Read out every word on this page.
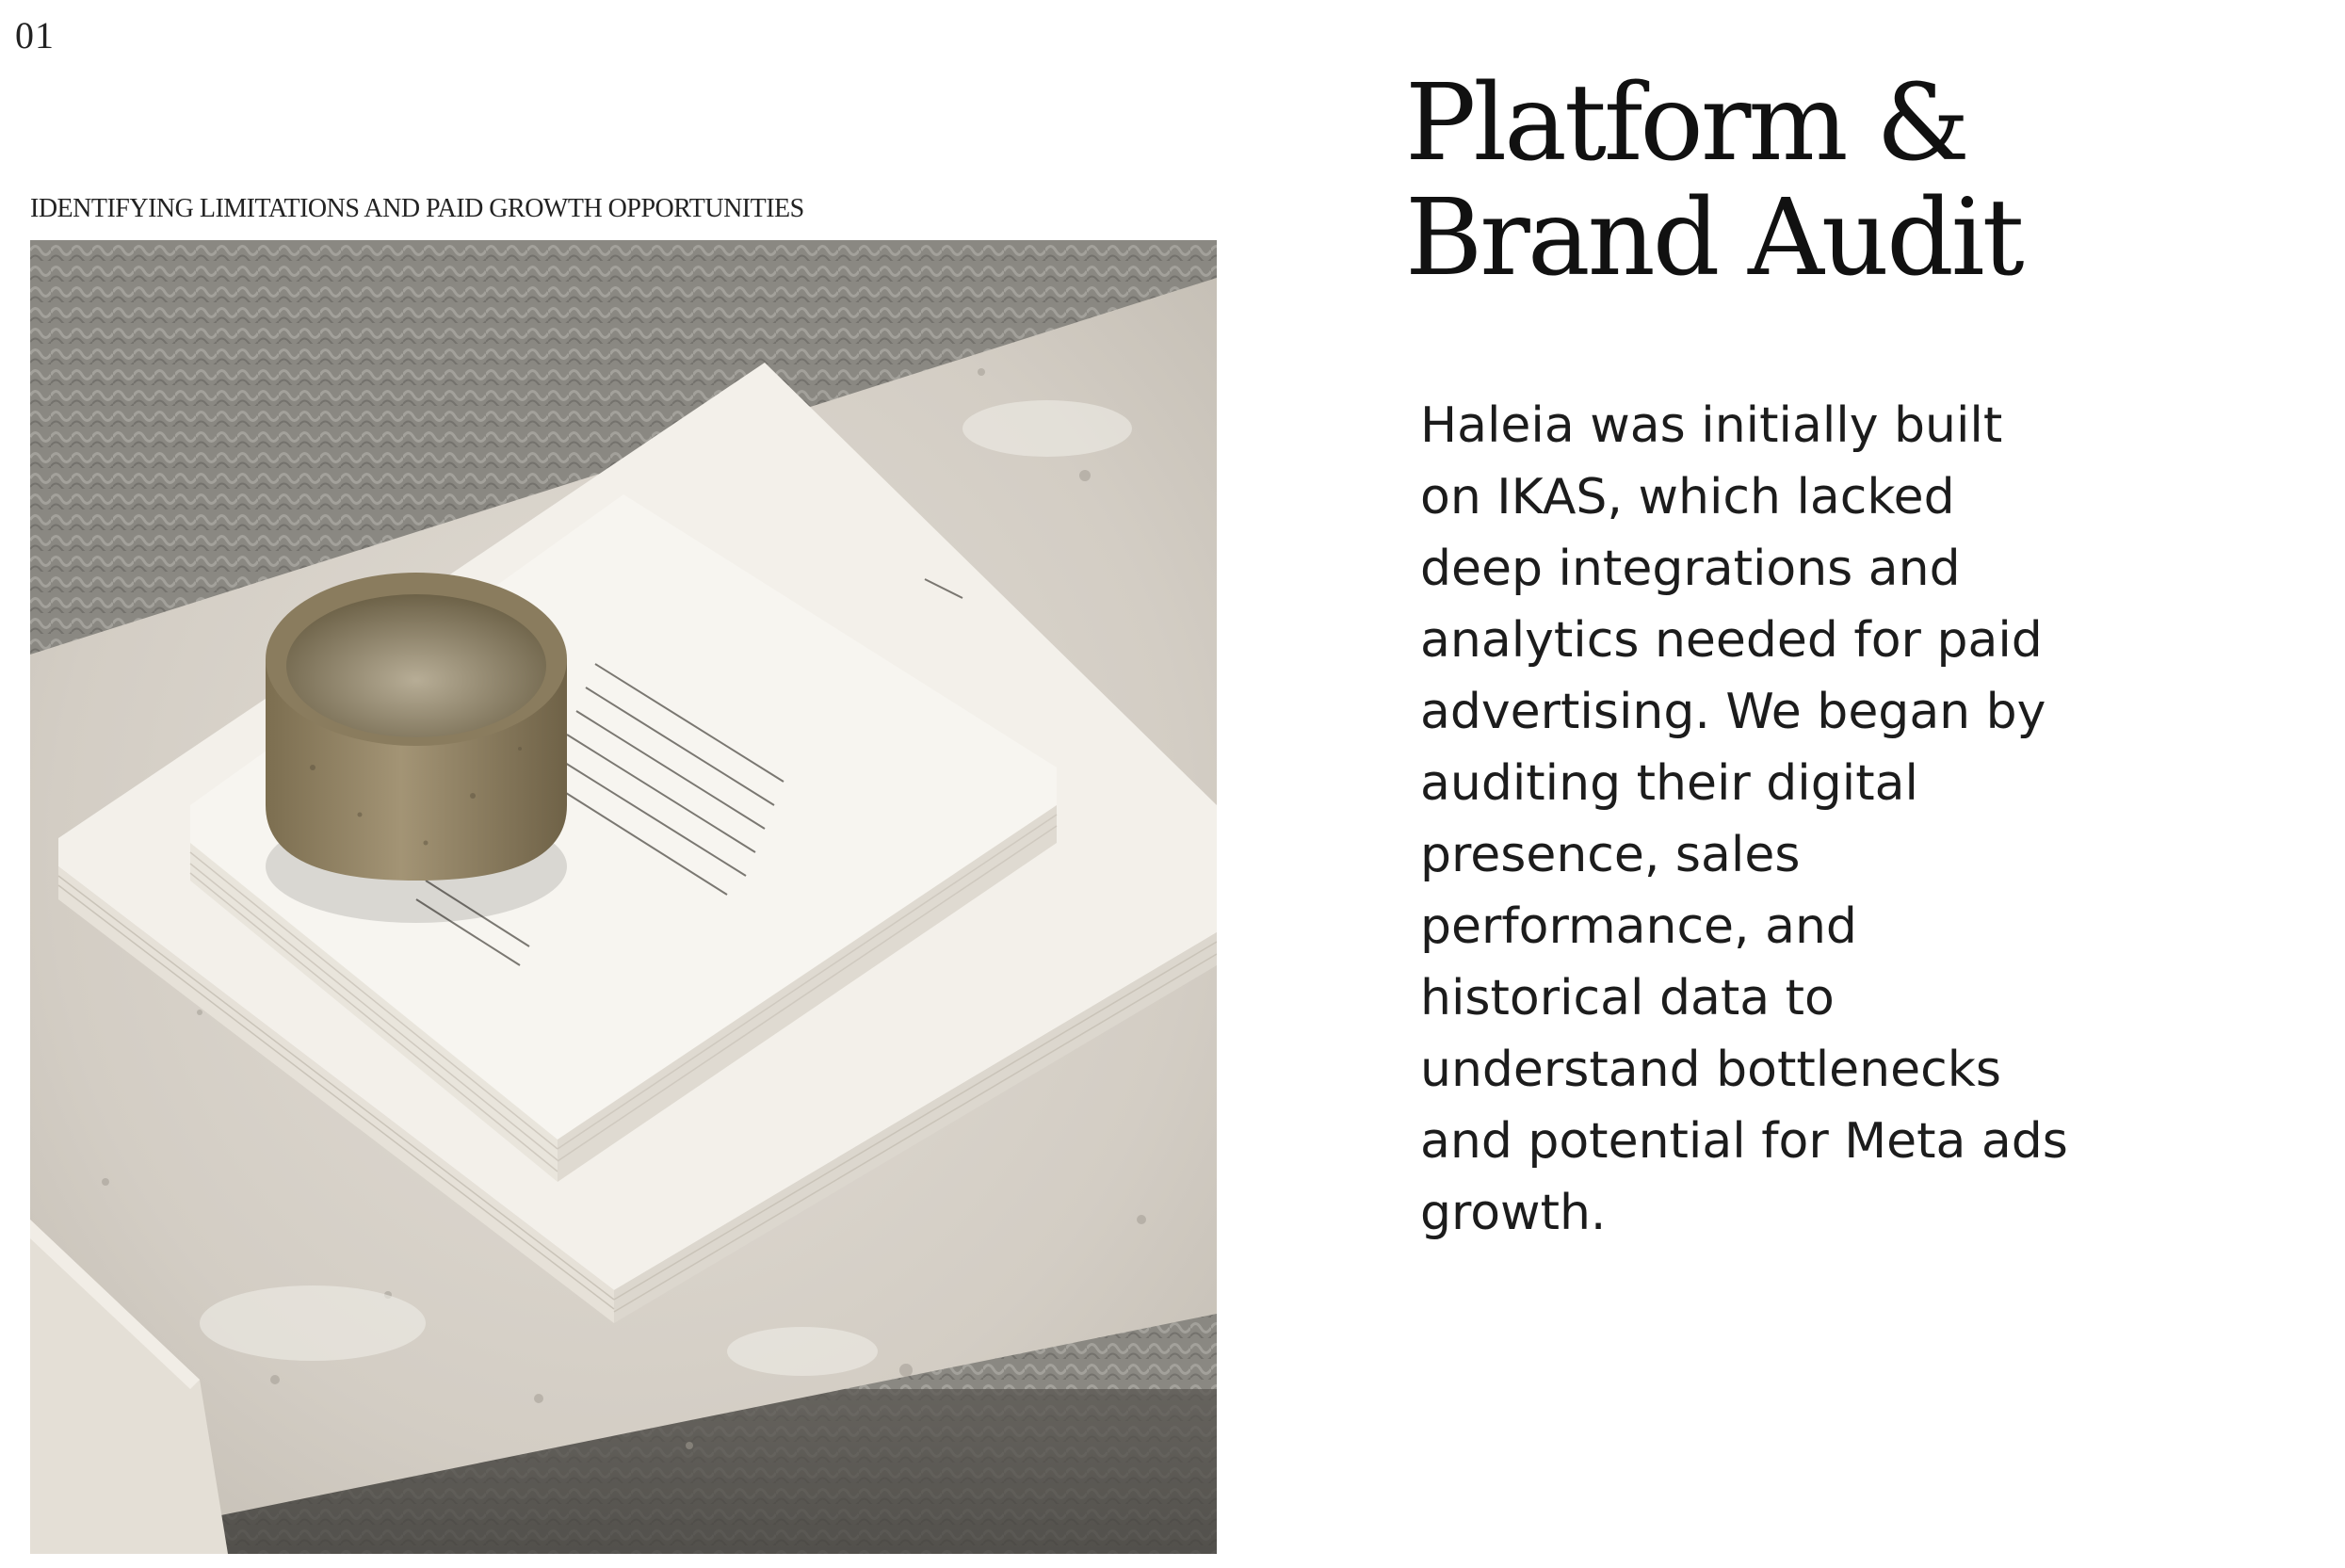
01
IDENTIFYING LIMITATIONS AND PAID GROWTH OPPORTUNITIES
Platform & Brand Audit

Haleia was initially built on IKAS, which lacked deep integrations and analytics needed for paid advertising. We began by auditing their digital presence, sales performance, and historical data to understand bottlenecks and potential for Meta ads growth.
